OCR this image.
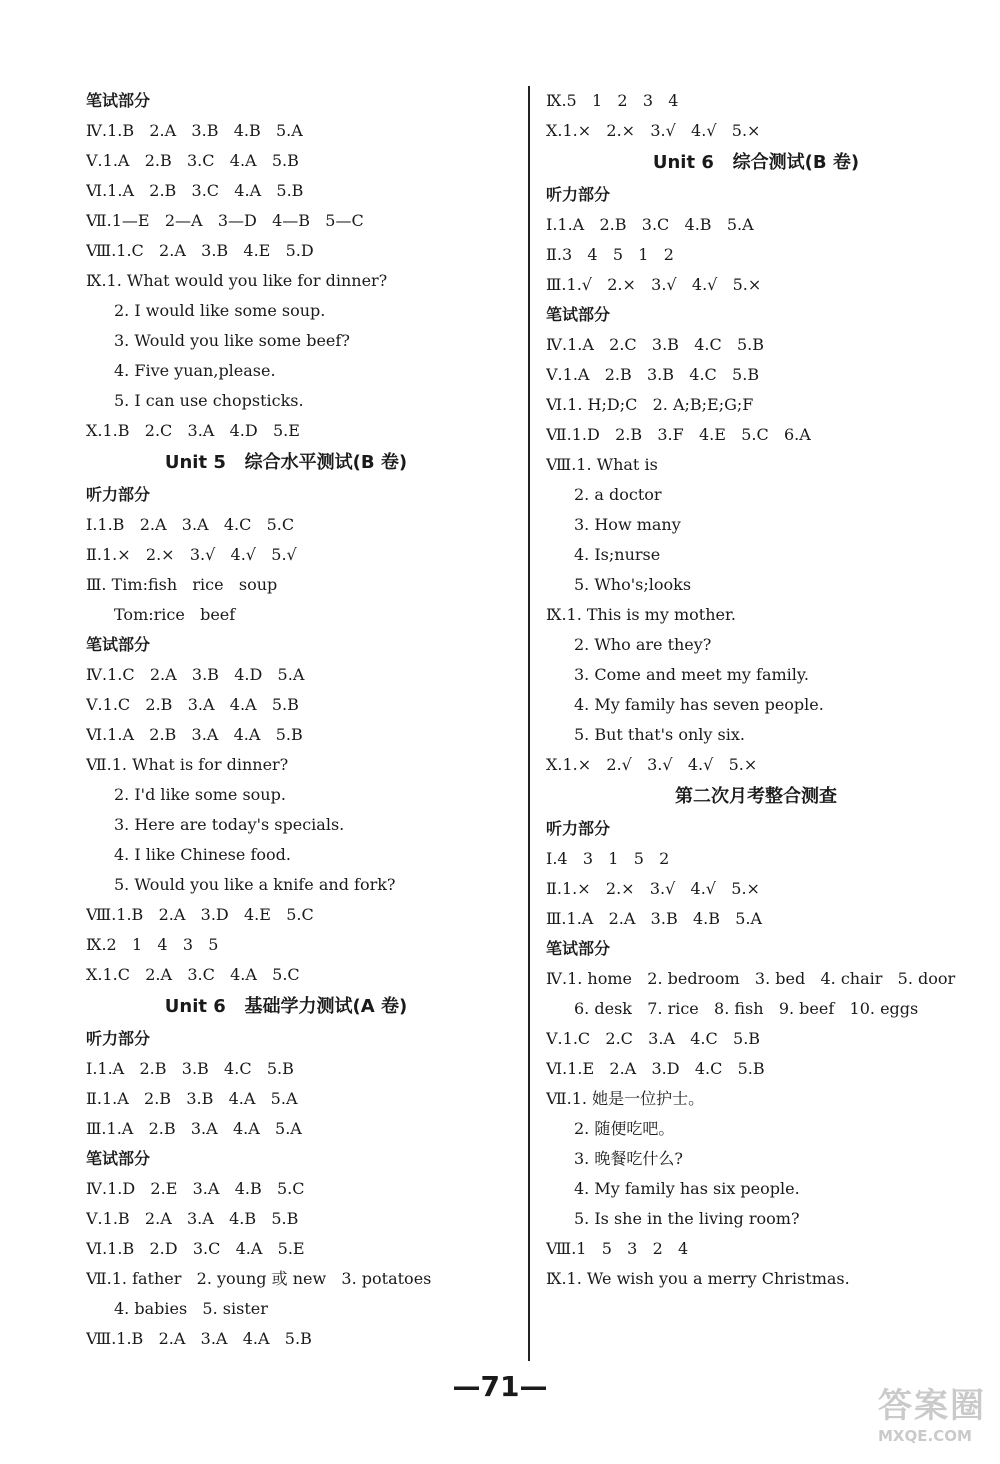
笔试部分
Ⅳ.1.B   2.A   3.B   4.B   5.A
Ⅴ.1.A   2.B   3.C   4.A   5.B
Ⅵ.1.A   2.B   3.C   4.A   5.B
Ⅶ.1—E   2—A   3—D   4—B   5—C
Ⅷ.1.C   2.A   3.B   4.E   5.D
Ⅸ.1. What would you like for dinner?
2. I would like some soup.
3. Would you like some beef?
4. Five yuan,please.
5. I can use chopsticks.
Ⅹ.1.B   2.C   3.A   4.D   5.E
Unit 5   综合水平测试(B 卷)
听力部分
Ⅰ.1.B   2.A   3.A   4.C   5.C
Ⅱ.1.×   2.×   3.√   4.√   5.√
Ⅲ. Tim:fish   rice   soup
Tom:rice   beef
笔试部分
Ⅳ.1.C   2.A   3.B   4.D   5.A
Ⅴ.1.C   2.B   3.A   4.A   5.B
Ⅵ.1.A   2.B   3.A   4.A   5.B
Ⅶ.1. What is for dinner?
2. I'd like some soup.
3. Here are today's specials.
4. I like Chinese food.
5. Would you like a knife and fork?
Ⅷ.1.B   2.A   3.D   4.E   5.C
Ⅸ.2   1   4   3   5
Ⅹ.1.C   2.A   3.C   4.A   5.C
Unit 6   基础学力测试(A 卷)
听力部分
Ⅰ.1.A   2.B   3.B   4.C   5.B
Ⅱ.1.A   2.B   3.B   4.A   5.A
Ⅲ.1.A   2.B   3.A   4.A   5.A
笔试部分
Ⅳ.1.D   2.E   3.A   4.B   5.C
Ⅴ.1.B   2.A   3.A   4.B   5.B
Ⅵ.1.B   2.D   3.C   4.A   5.E
Ⅶ.1. father   2. young 或 new   3. potatoes
4. babies   5. sister
Ⅷ.1.B   2.A   3.A   4.A   5.B
Ⅸ.5   1   2   3   4
Ⅹ.1.×   2.×   3.√   4.√   5.×
Unit 6   综合测试(B 卷)
听力部分
Ⅰ.1.A   2.B   3.C   4.B   5.A
Ⅱ.3   4   5   1   2
Ⅲ.1.√   2.×   3.√   4.√   5.×
笔试部分
Ⅳ.1.A   2.C   3.B   4.C   5.B
Ⅴ.1.A   2.B   3.B   4.C   5.B
Ⅵ.1. H;D;C   2. A;B;E;G;F
Ⅶ.1.D   2.B   3.F   4.E   5.C   6.A
Ⅷ.1. What is
2. a doctor
3. How many
4. Is;nurse
5. Who's;looks
Ⅸ.1. This is my mother.
2. Who are they?
3. Come and meet my family.
4. My family has seven people.
5. But that's only six.
Ⅹ.1.×   2.√   3.√   4.√   5.×
第二次月考整合测查
听力部分
Ⅰ.4   3   1   5   2
Ⅱ.1.×   2.×   3.√   4.√   5.×
Ⅲ.1.A   2.A   3.B   4.B   5.A
笔试部分
Ⅳ.1. home   2. bedroom   3. bed   4. chair   5. door
6. desk   7. rice   8. fish   9. beef   10. eggs
Ⅴ.1.C   2.C   3.A   4.C   5.B
Ⅵ.1.E   2.A   3.D   4.C   5.B
Ⅶ.1. 她是一位护士。
2. 随便吃吧。
3. 晚餐吃什么?
4. My family has six people.
5. Is she in the living room?
Ⅷ.1   5   3   2   4
Ⅸ.1. We wish you a merry Christmas.
—71—	答案圈
MXQE.COM
